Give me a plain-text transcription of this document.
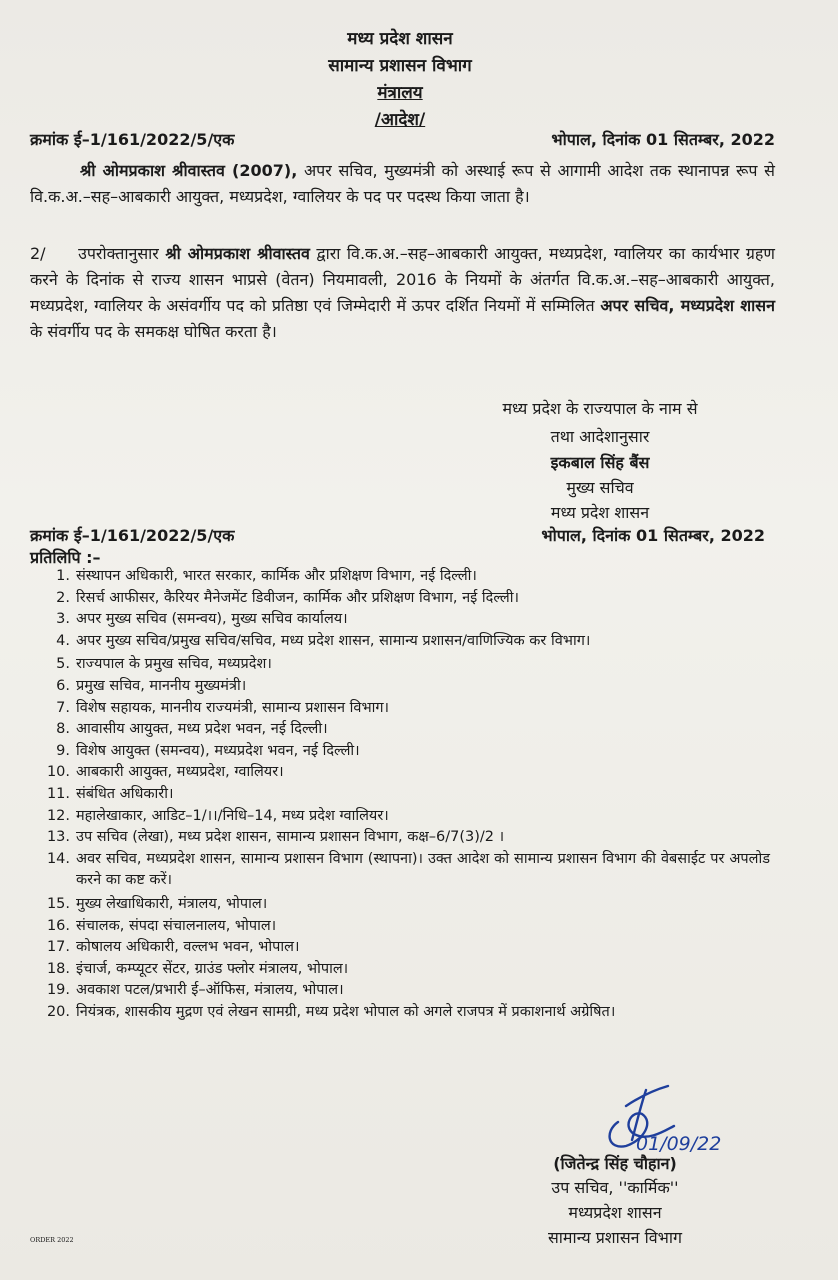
मध्य प्रदेश शासन
सामान्य प्रशासन विभाग
मंत्रालय
/आदेश/
क्रमांक ई–1/161/2022/5/एक	भोपाल, दिनांक 01 सितम्बर, 2022
श्री ओमप्रकाश श्रीवास्तव (2007), अपर सचिव, मुख्यमंत्री को अस्थाई रूप से आगामी आदेश तक स्थानापन्न रूप से वि.क.अ.–सह–आबकारी आयुक्त, मध्यप्रदेश, ग्वालियर के पद पर पदस्थ किया जाता है।
2/ उपरोक्तानुसार श्री ओमप्रकाश श्रीवास्तव द्वारा वि.क.अ.–सह–आबकारी आयुक्त, मध्यप्रदेश, ग्वालियर का कार्यभार ग्रहण करने के दिनांक से राज्य शासन भाप्रसे (वेतन) नियमावली, 2016 के नियमों के अंतर्गत वि.क.अ.–सह–आबकारी आयुक्त, मध्यप्रदेश, ग्वालियर के असंवर्गीय पद को प्रतिष्ठा एवं जिम्मेदारी में ऊपर दर्शित नियमों में सम्मिलित अपर सचिव, मध्यप्रदेश शासन के संवर्गीय पद के समकक्ष घोषित करता है।
मध्य प्रदेश के राज्यपाल के नाम से
तथा आदेशानुसार
इकबाल सिंह बैंस
मुख्य सचिव
मध्य प्रदेश शासन
क्रमांक ई–1/161/2022/5/एक	भोपाल, दिनांक 01 सितम्बर, 2022
प्रतिलिपि :–
1. संस्थापन अधिकारी, भारत सरकार, कार्मिक और प्रशिक्षण विभाग, नई दिल्ली।
2. रिसर्च आफीसर, कैरियर मैनेजमेंट डिवीजन, कार्मिक और प्रशिक्षण विभाग, नई दिल्ली।
3. अपर मुख्य सचिव (समन्वय), मुख्य सचिव कार्यालय।
4. अपर मुख्य सचिव/प्रमुख सचिव/सचिव, मध्य प्रदेश शासन, सामान्य प्रशासन/वाणिज्यिक कर विभाग।
5. राज्यपाल के प्रमुख सचिव, मध्यप्रदेश।
6. प्रमुख सचिव, माननीय मुख्यमंत्री।
7. विशेष सहायक, माननीय राज्यमंत्री, सामान्य प्रशासन विभाग।
8. आवासीय आयुक्त, मध्य प्रदेश भवन, नई दिल्ली।
9. विशेष आयुक्त (समन्वय), मध्यप्रदेश भवन, नई दिल्ली।
10. आबकारी आयुक्त, मध्यप्रदेश, ग्वालियर।
11. संबंधित अधिकारी।
12. महालेखाकार, आडिट–1/।।/निधि–14, मध्य प्रदेश ग्वालियर।
13. उप सचिव (लेखा), मध्य प्रदेश शासन, सामान्य प्रशासन विभाग, कक्ष–6/7(3)/2 ।
14. अवर सचिव, मध्यप्रदेश शासन, सामान्य प्रशासन विभाग (स्थापना)। उक्त आदेश को सामान्य प्रशासन विभाग की वेबसाईट पर अपलोड करने का कष्ट करें।
15. मुख्य लेखाधिकारी, मंत्रालय, भोपाल।
16. संचालक, संपदा संचालनालय, भोपाल।
17. कोषालय अधिकारी, वल्लभ भवन, भोपाल।
18. इंचार्ज, कम्प्यूटर सेंटर, ग्राउंड फ्लोर मंत्रालय, भोपाल।
19. अवकाश पटल/प्रभारी ई–ऑफिस, मंत्रालय, भोपाल।
20. नियंत्रक, शासकीय मुद्रण एवं लेखन सामग्री, मध्य प्रदेश भोपाल को अगले राजपत्र में प्रकाशनार्थ अग्रेषित।
01/09/22
(जितेन्द्र सिंह चौहान)
उप सचिव, ''कार्मिक''
मध्यप्रदेश शासन
सामान्य प्रशासन विभाग
ORDER 2022
